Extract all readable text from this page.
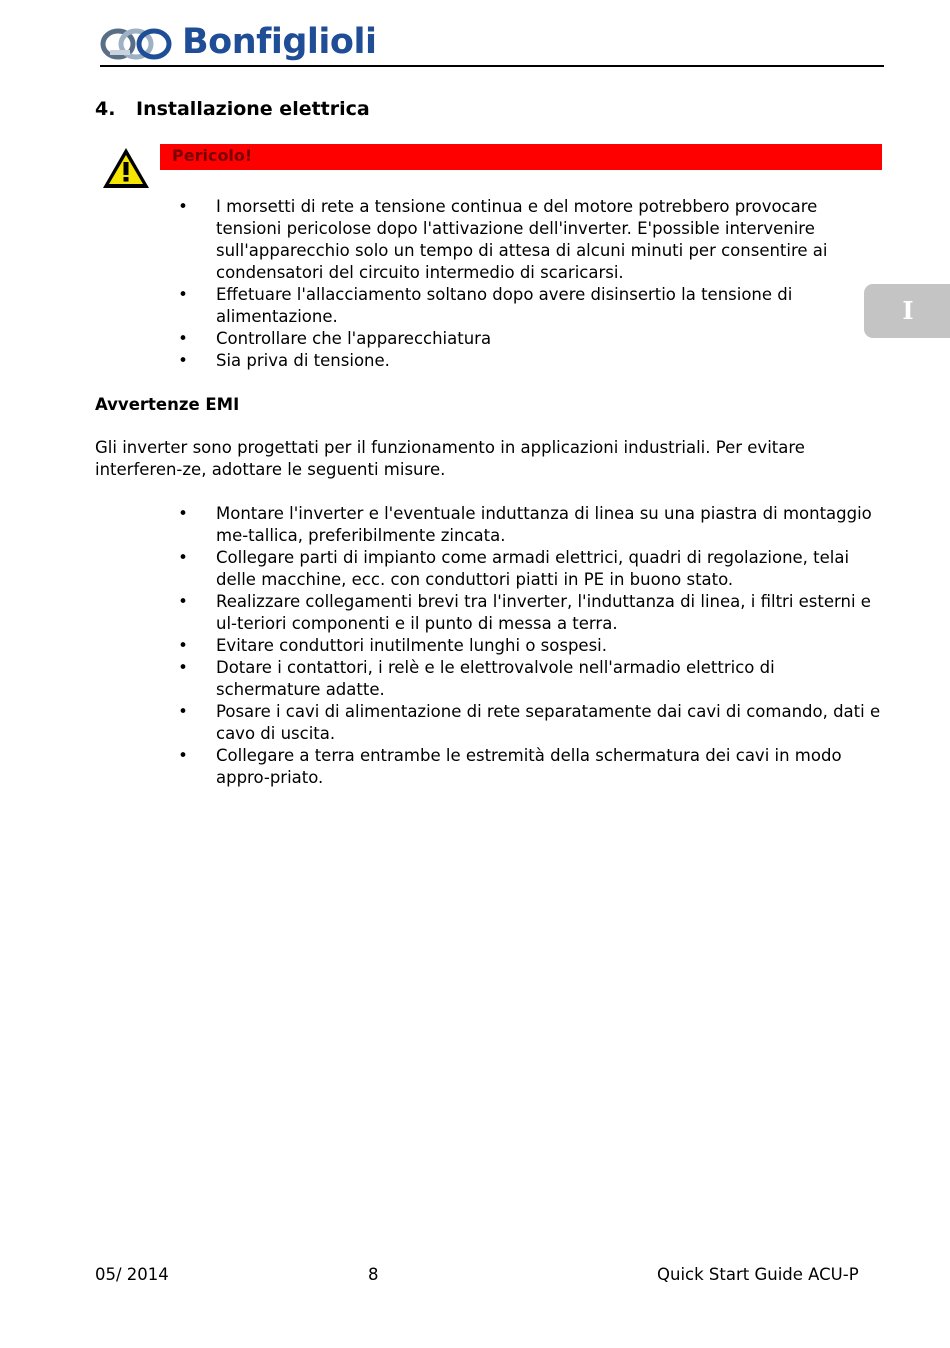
Bonfiglioli
4. Installazione elettrica
Pericolo!
• I morsetti di rete a tensione continua e del motore potrebbero provocare tensioni pericolose dopo l'attivazione dell'inverter. E'possible intervenire sull'apparecchio solo un tempo di attesa di alcuni minuti per consentire ai condensatori del circuito intermedio di scaricarsi.
• Effetuare l'allacciamento soltano dopo avere disinsertio la tensione di alimentazione.
• Controllare che l'apparecchiatura
• Sia priva di tensione.
I
Avvertenze EMI
Gli inverter sono progettati per il funzionamento in applicazioni industriali. Per evitare interferen-ze, adottare le seguenti misure.
• Montare l'inverter e l'eventuale induttanza di linea su una piastra di montaggio me-tallica, preferibilmente zincata.
• Collegare parti di impianto come armadi elettrici, quadri di regolazione, telai delle macchine, ecc. con conduttori piatti in PE in buono stato.
• Realizzare collegamenti brevi tra l'inverter, l'induttanza di linea, i filtri esterni e ul-teriori componenti e il punto di messa a terra.
• Evitare conduttori inutilmente lunghi o sospesi.
• Dotare i contattori, i relè e le elettrovalvole nell'armadio elettrico di schermature adatte.
• Posare i cavi di alimentazione di rete separatamente dai cavi di comando, dati e cavo di uscita.
• Collegare a terra entrambe le estremità della schermatura dei cavi in modo appro-priato.
05/ 2014	8	Quick Start Guide ACU-P
